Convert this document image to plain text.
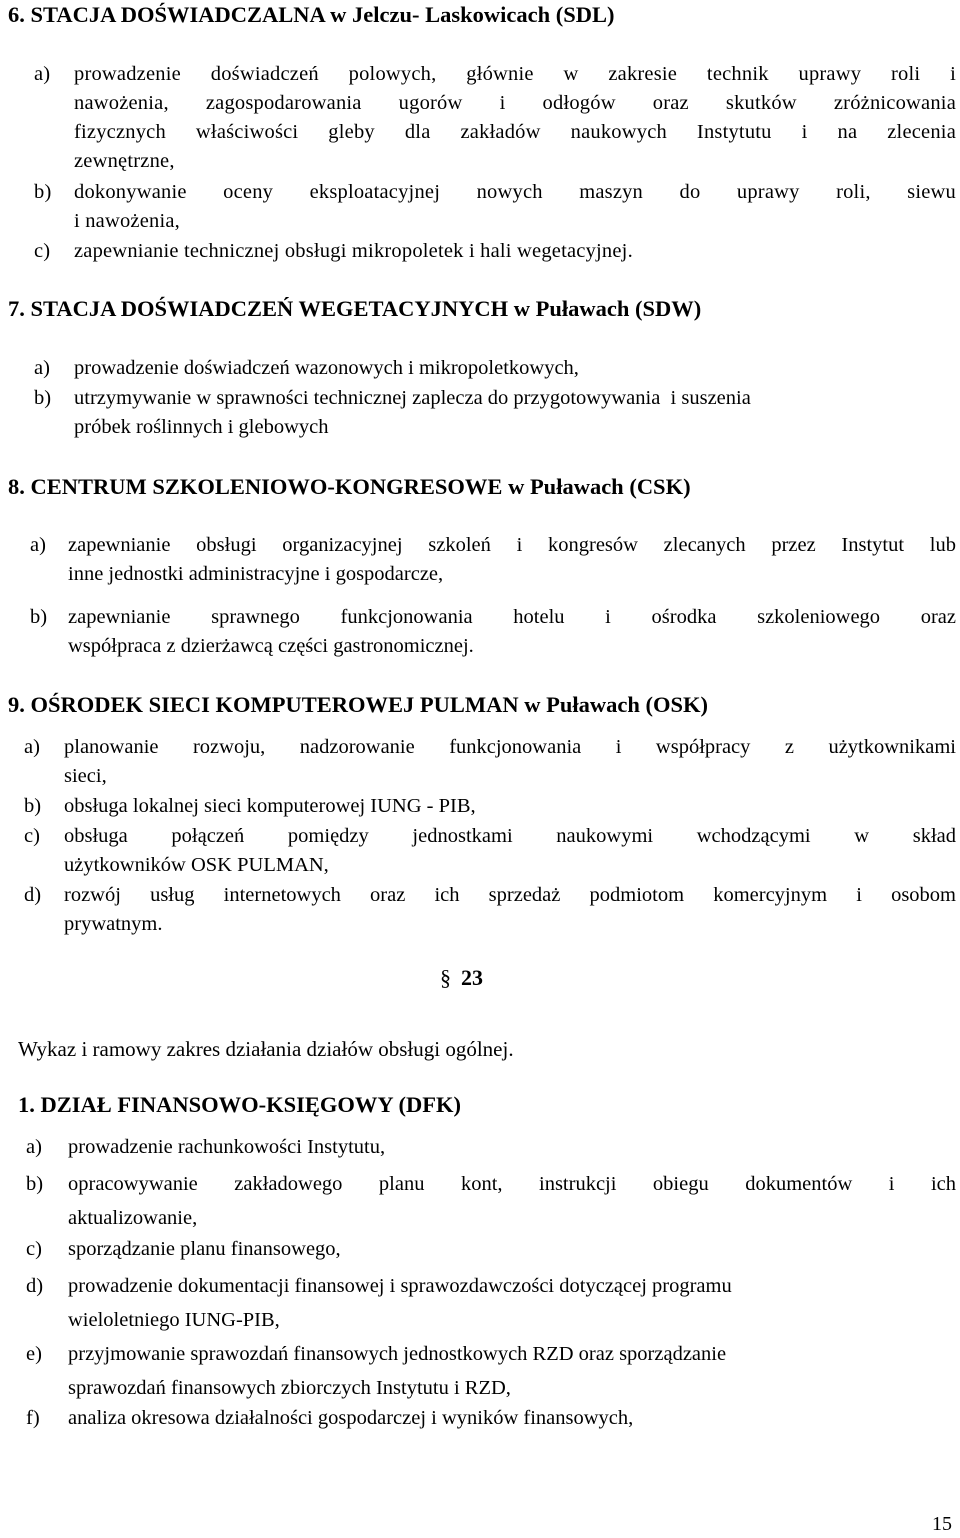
6. STACJA DOŚWIADCZALNA w Jelczu- Laskowicach (SDL)
a)	prowadzenie doświadczeń polowych, głównie w zakresie technik uprawy roli i
nawożenia, zagospodarowania ugorów i odłogów oraz skutków zróżnicowania
fizycznych właściwości gleby dla zakładów naukowych Instytutu i na zlecenia
zewnętrzne,
b)	dokonywanie oceny eksploatacyjnej nowych maszyn do uprawy roli, siewu
i nawożenia,
c)	zapewnianie technicznej obsługi mikropoletek i hali wegetacyjnej.
7. STACJA DOŚWIADCZEŃ WEGETACYJNYCH w Puławach (SDW)
a)	prowadzenie doświadczeń wazonowych i mikropoletkowych,
b)	utrzymywanie w sprawności technicznej zaplecza do przygotowywania  i suszenia
próbek roślinnych i glebowych
8. CENTRUM SZKOLENIOWO-KONGRESOWE w Puławach (CSK)
a)	zapewnianie obsługi organizacyjnej szkoleń i kongresów zlecanych przez Instytut lub
inne jednostki administracyjne i gospodarcze,
b)	zapewnianie sprawnego funkcjonowania hotelu i ośrodka szkoleniowego oraz
współpraca z dzierżawcą części gastronomicznej.
9. OŚRODEK SIECI KOMPUTEROWEJ PULMAN w Puławach (OSK)
a)	planowanie rozwoju, nadzorowanie funkcjonowania i współpracy z użytkownikami
sieci,
b)	obsługa lokalnej sieci komputerowej IUNG - PIB,
c)	obsługa połączeń pomiędzy jednostkami naukowymi wchodzącymi w skład
użytkowników OSK PULMAN,
d)	rozwój usług internetowych oraz ich sprzedaż podmiotom komercyjnym i osobom
prywatnym.
§ 23
Wykaz i ramowy zakres działania działów obsługi ogólnej.
1. DZIAŁ FINANSOWO-KSIĘGOWY (DFK)
a)	prowadzenie rachunkowości Instytutu,
b)	opracowywanie zakładowego planu kont, instrukcji obiegu dokumentów i ich
aktualizowanie,
c)	sporządzanie planu finansowego,
d)	prowadzenie dokumentacji finansowej i sprawozdawczości dotyczącej programu
wieloletniego IUNG-PIB,
e)	przyjmowanie sprawozdań finansowych jednostkowych RZD oraz sporządzanie
sprawozdań finansowych zbiorczych Instytutu i RZD,
f)	analiza okresowa działalności gospodarczej i wyników finansowych,
15
